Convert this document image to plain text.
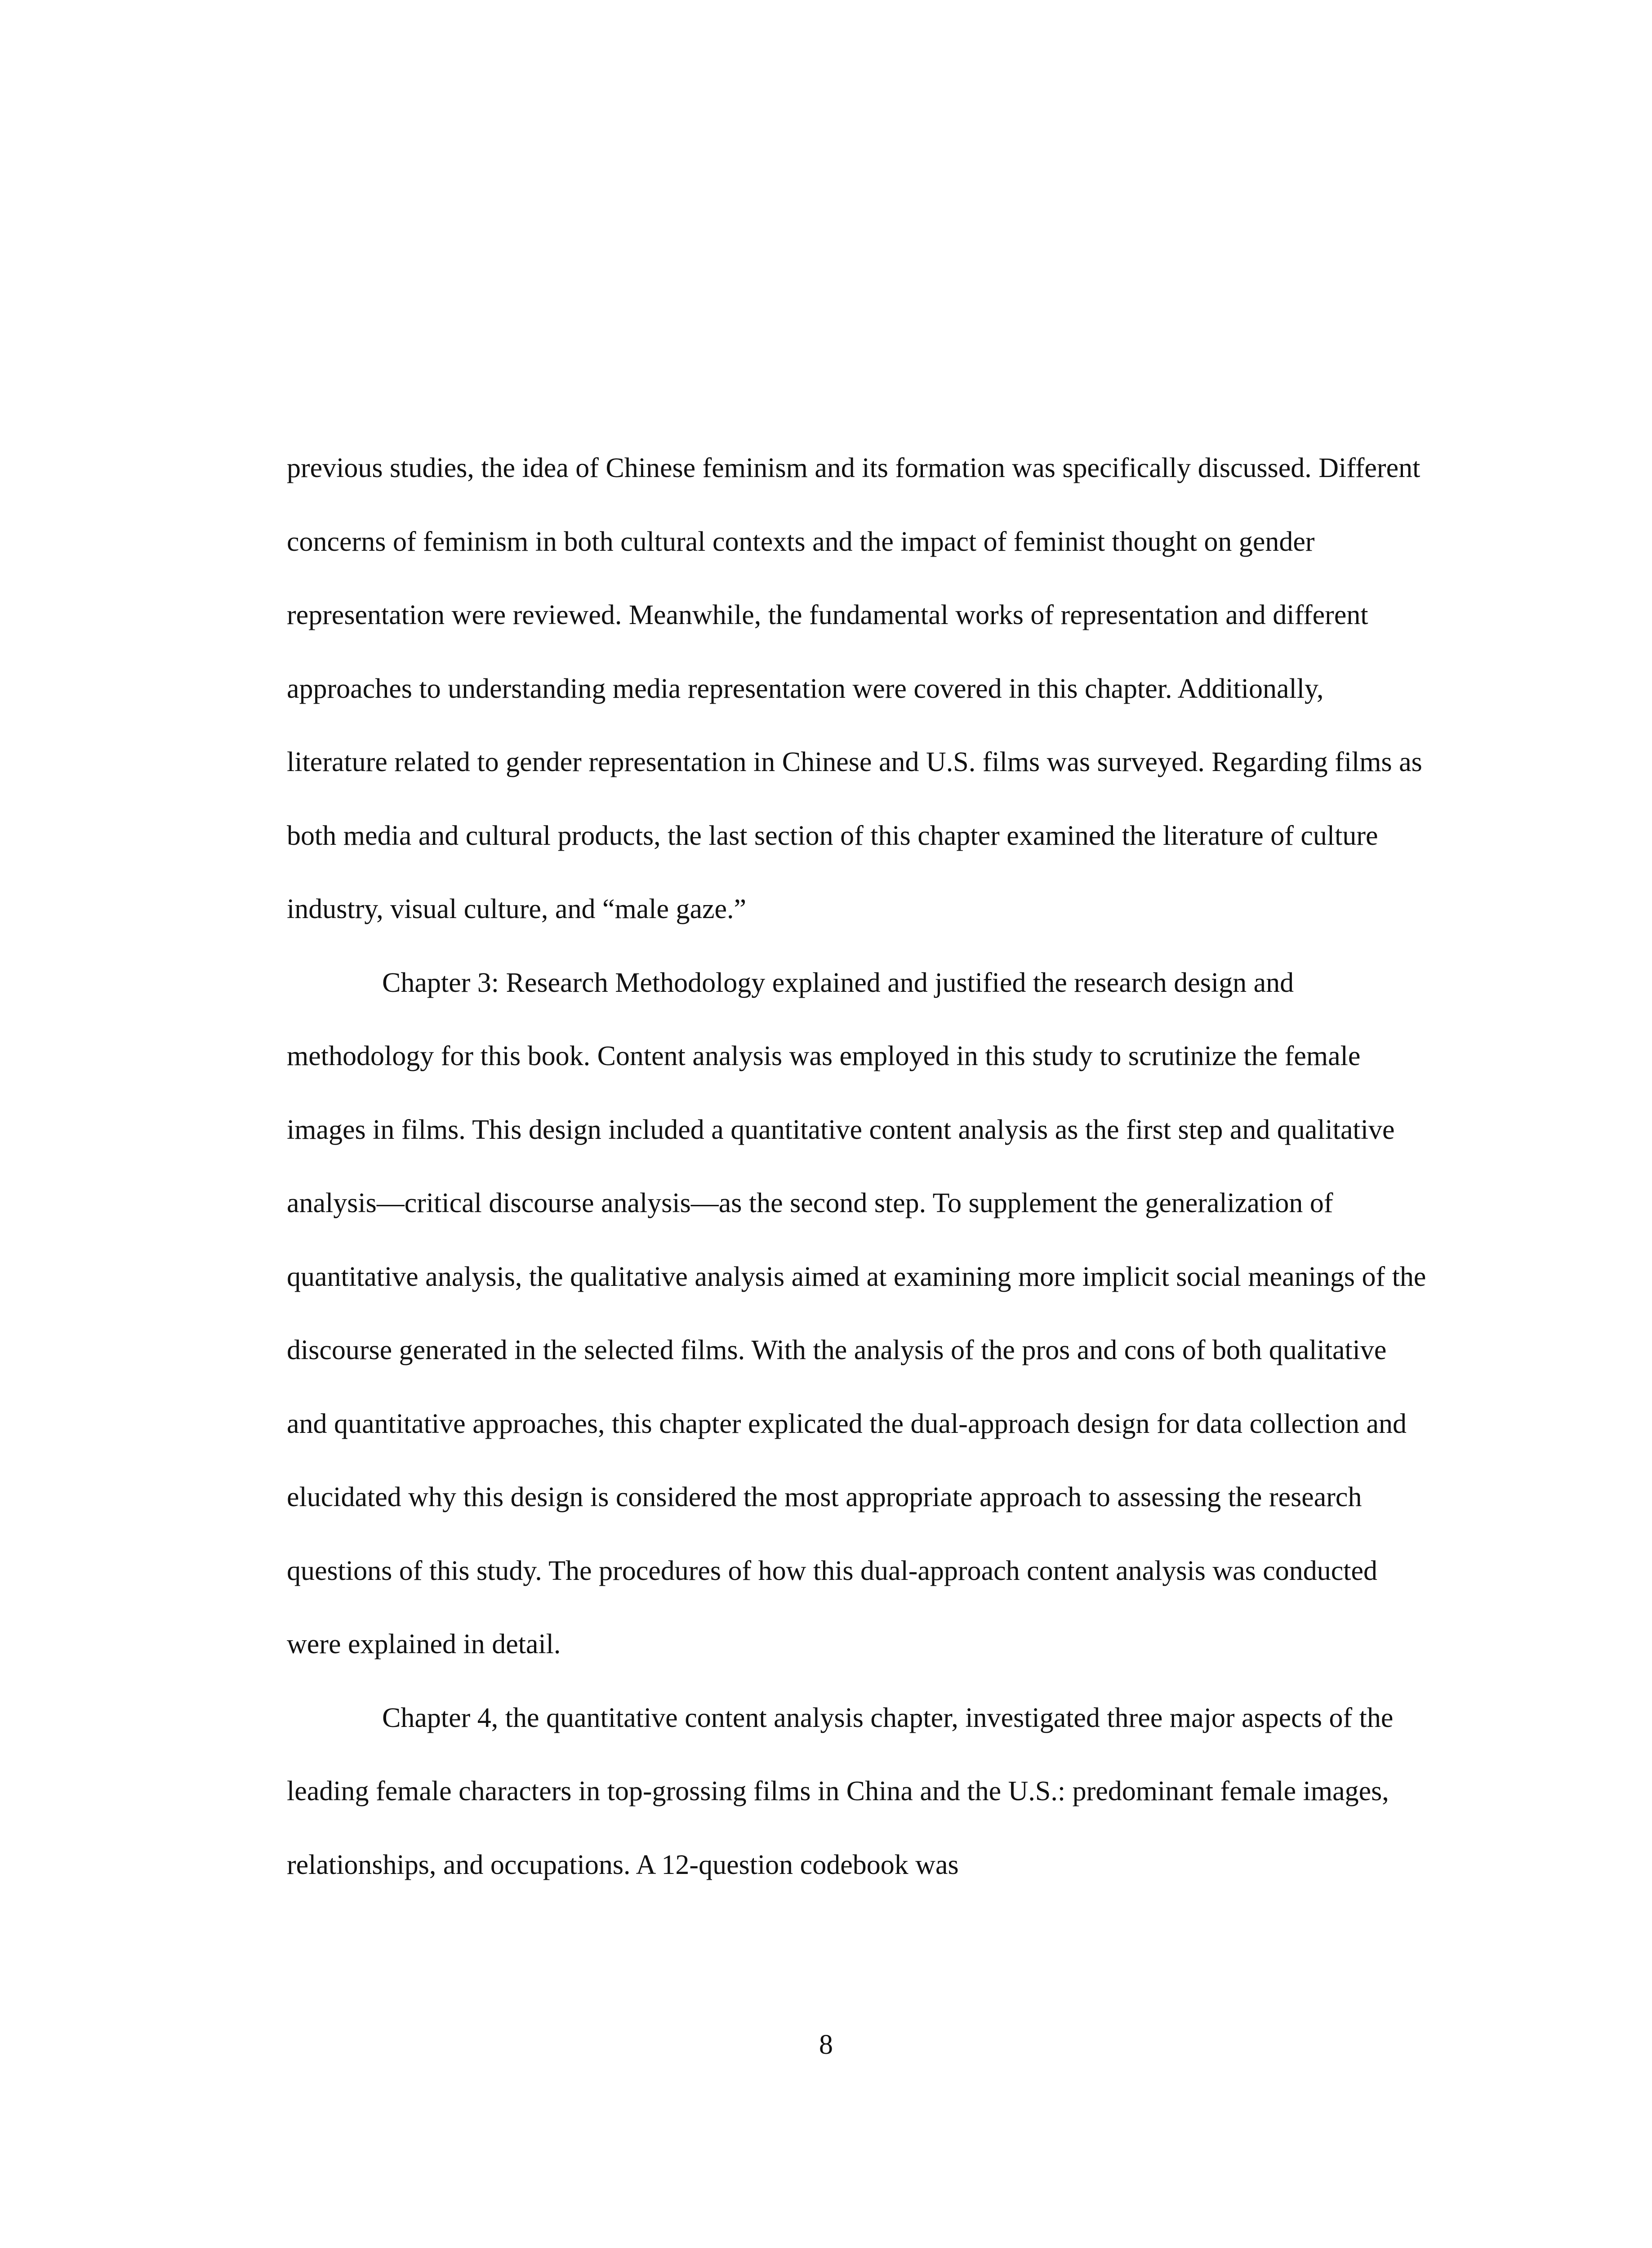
previous studies, the idea of Chinese feminism and its formation was specifically discussed. Different concerns of feminism in both cultural contexts and the impact of feminist thought on gender representation were reviewed. Meanwhile, the fundamental works of representation and different approaches to understanding media representation were covered in this chapter. Additionally, literature related to gender representation in Chinese and U.S. films was surveyed. Regarding films as both media and cultural products, the last section of this chapter examined the literature of culture industry, visual culture, and “male gaze.”

Chapter 3: Research Methodology explained and justified the research design and methodology for this book. Content analysis was employed in this study to scrutinize the female images in films. This design included a quantitative content analysis as the first step and qualitative analysis—critical discourse analysis—as the second step. To supplement the generalization of quantitative analysis, the qualitative analysis aimed at examining more implicit social meanings of the discourse generated in the selected films. With the analysis of the pros and cons of both qualitative and quantitative approaches, this chapter explicated the dual-approach design for data collection and elucidated why this design is considered the most appropriate approach to assessing the research questions of this study. The procedures of how this dual-approach content analysis was conducted were explained in detail.

Chapter 4, the quantitative content analysis chapter, investigated three major aspects of the leading female characters in top-grossing films in China and the U.S.: predominant female images, relationships, and occupations. A 12-question codebook was

8
